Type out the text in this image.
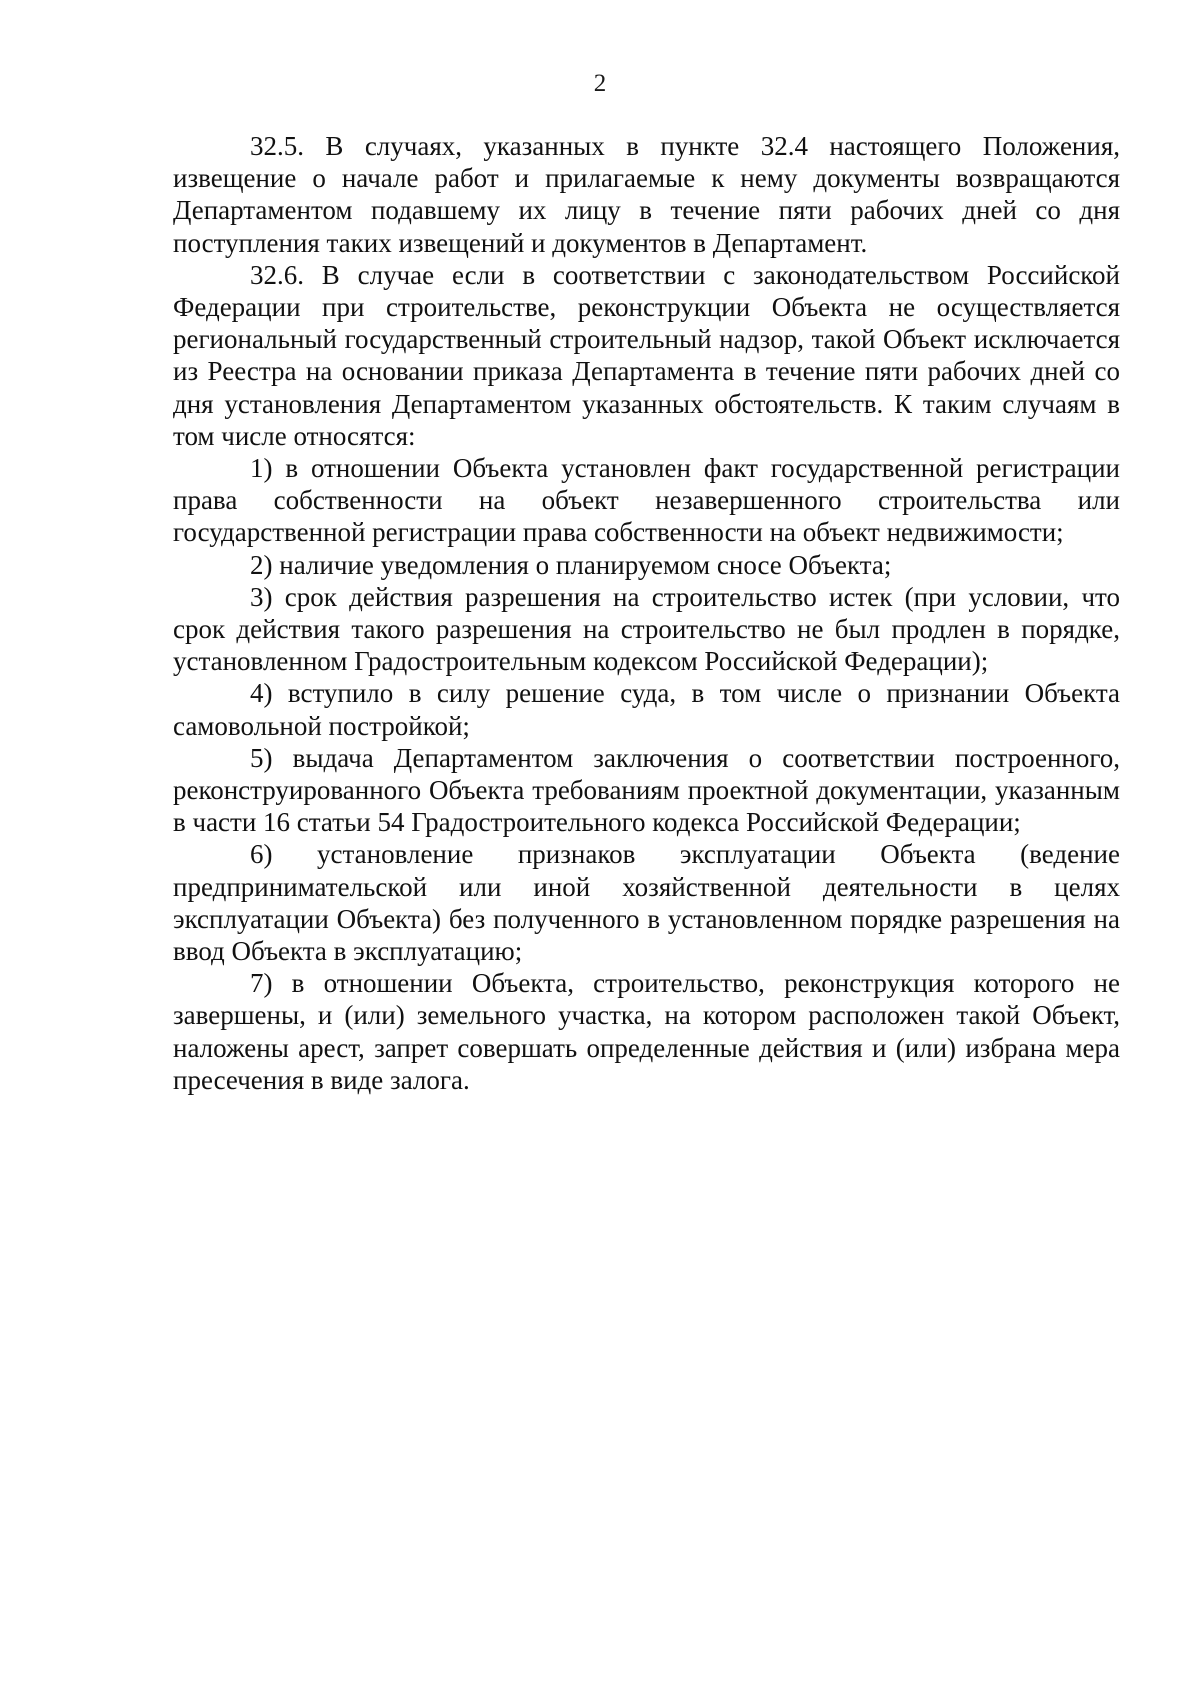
2

32.5. В случаях, указанных в пункте 32.4 настоящего Положения, извещение о начале работ и прилагаемые к нему документы возвращаются Департаментом подавшему их лицу в течение пяти рабочих дней со дня поступления таких извещений и документов в Департамент.

32.6. В случае если в соответствии с законодательством Российской Федерации при строительстве, реконструкции Объекта не осуществляется региональный государственный строительный надзор, такой Объект исключается из Реестра на основании приказа Департамента в течение пяти рабочих дней со дня установления Департаментом указанных обстоятельств. К таким случаям в том числе относятся:

1) в отношении Объекта установлен факт государственной регистрации права собственности на объект незавершенного строительства или государственной регистрации права собственности на объект недвижимости;

2) наличие уведомления о планируемом сносе Объекта;

3) срок действия разрешения на строительство истек (при условии, что срок действия такого разрешения на строительство не был продлен в порядке, установленном Градостроительным кодексом Российской Федерации);

4) вступило в силу решение суда, в том числе о признании Объекта самовольной постройкой;

5) выдача Департаментом заключения о соответствии построенного, реконструированного Объекта требованиям проектной документации, указанным в части 16 статьи 54 Градостроительного кодекса Российской Федерации;

6) установление признаков эксплуатации Объекта (ведение предпринимательской или иной хозяйственной деятельности в целях эксплуатации Объекта) без полученного в установленном порядке разрешения на ввод Объекта в эксплуатацию;

7) в отношении Объекта, строительство, реконструкция которого не завершены, и (или) земельного участка, на котором расположен такой Объект, наложены арест, запрет совершать определенные действия и (или) избрана мера пресечения в виде залога.
